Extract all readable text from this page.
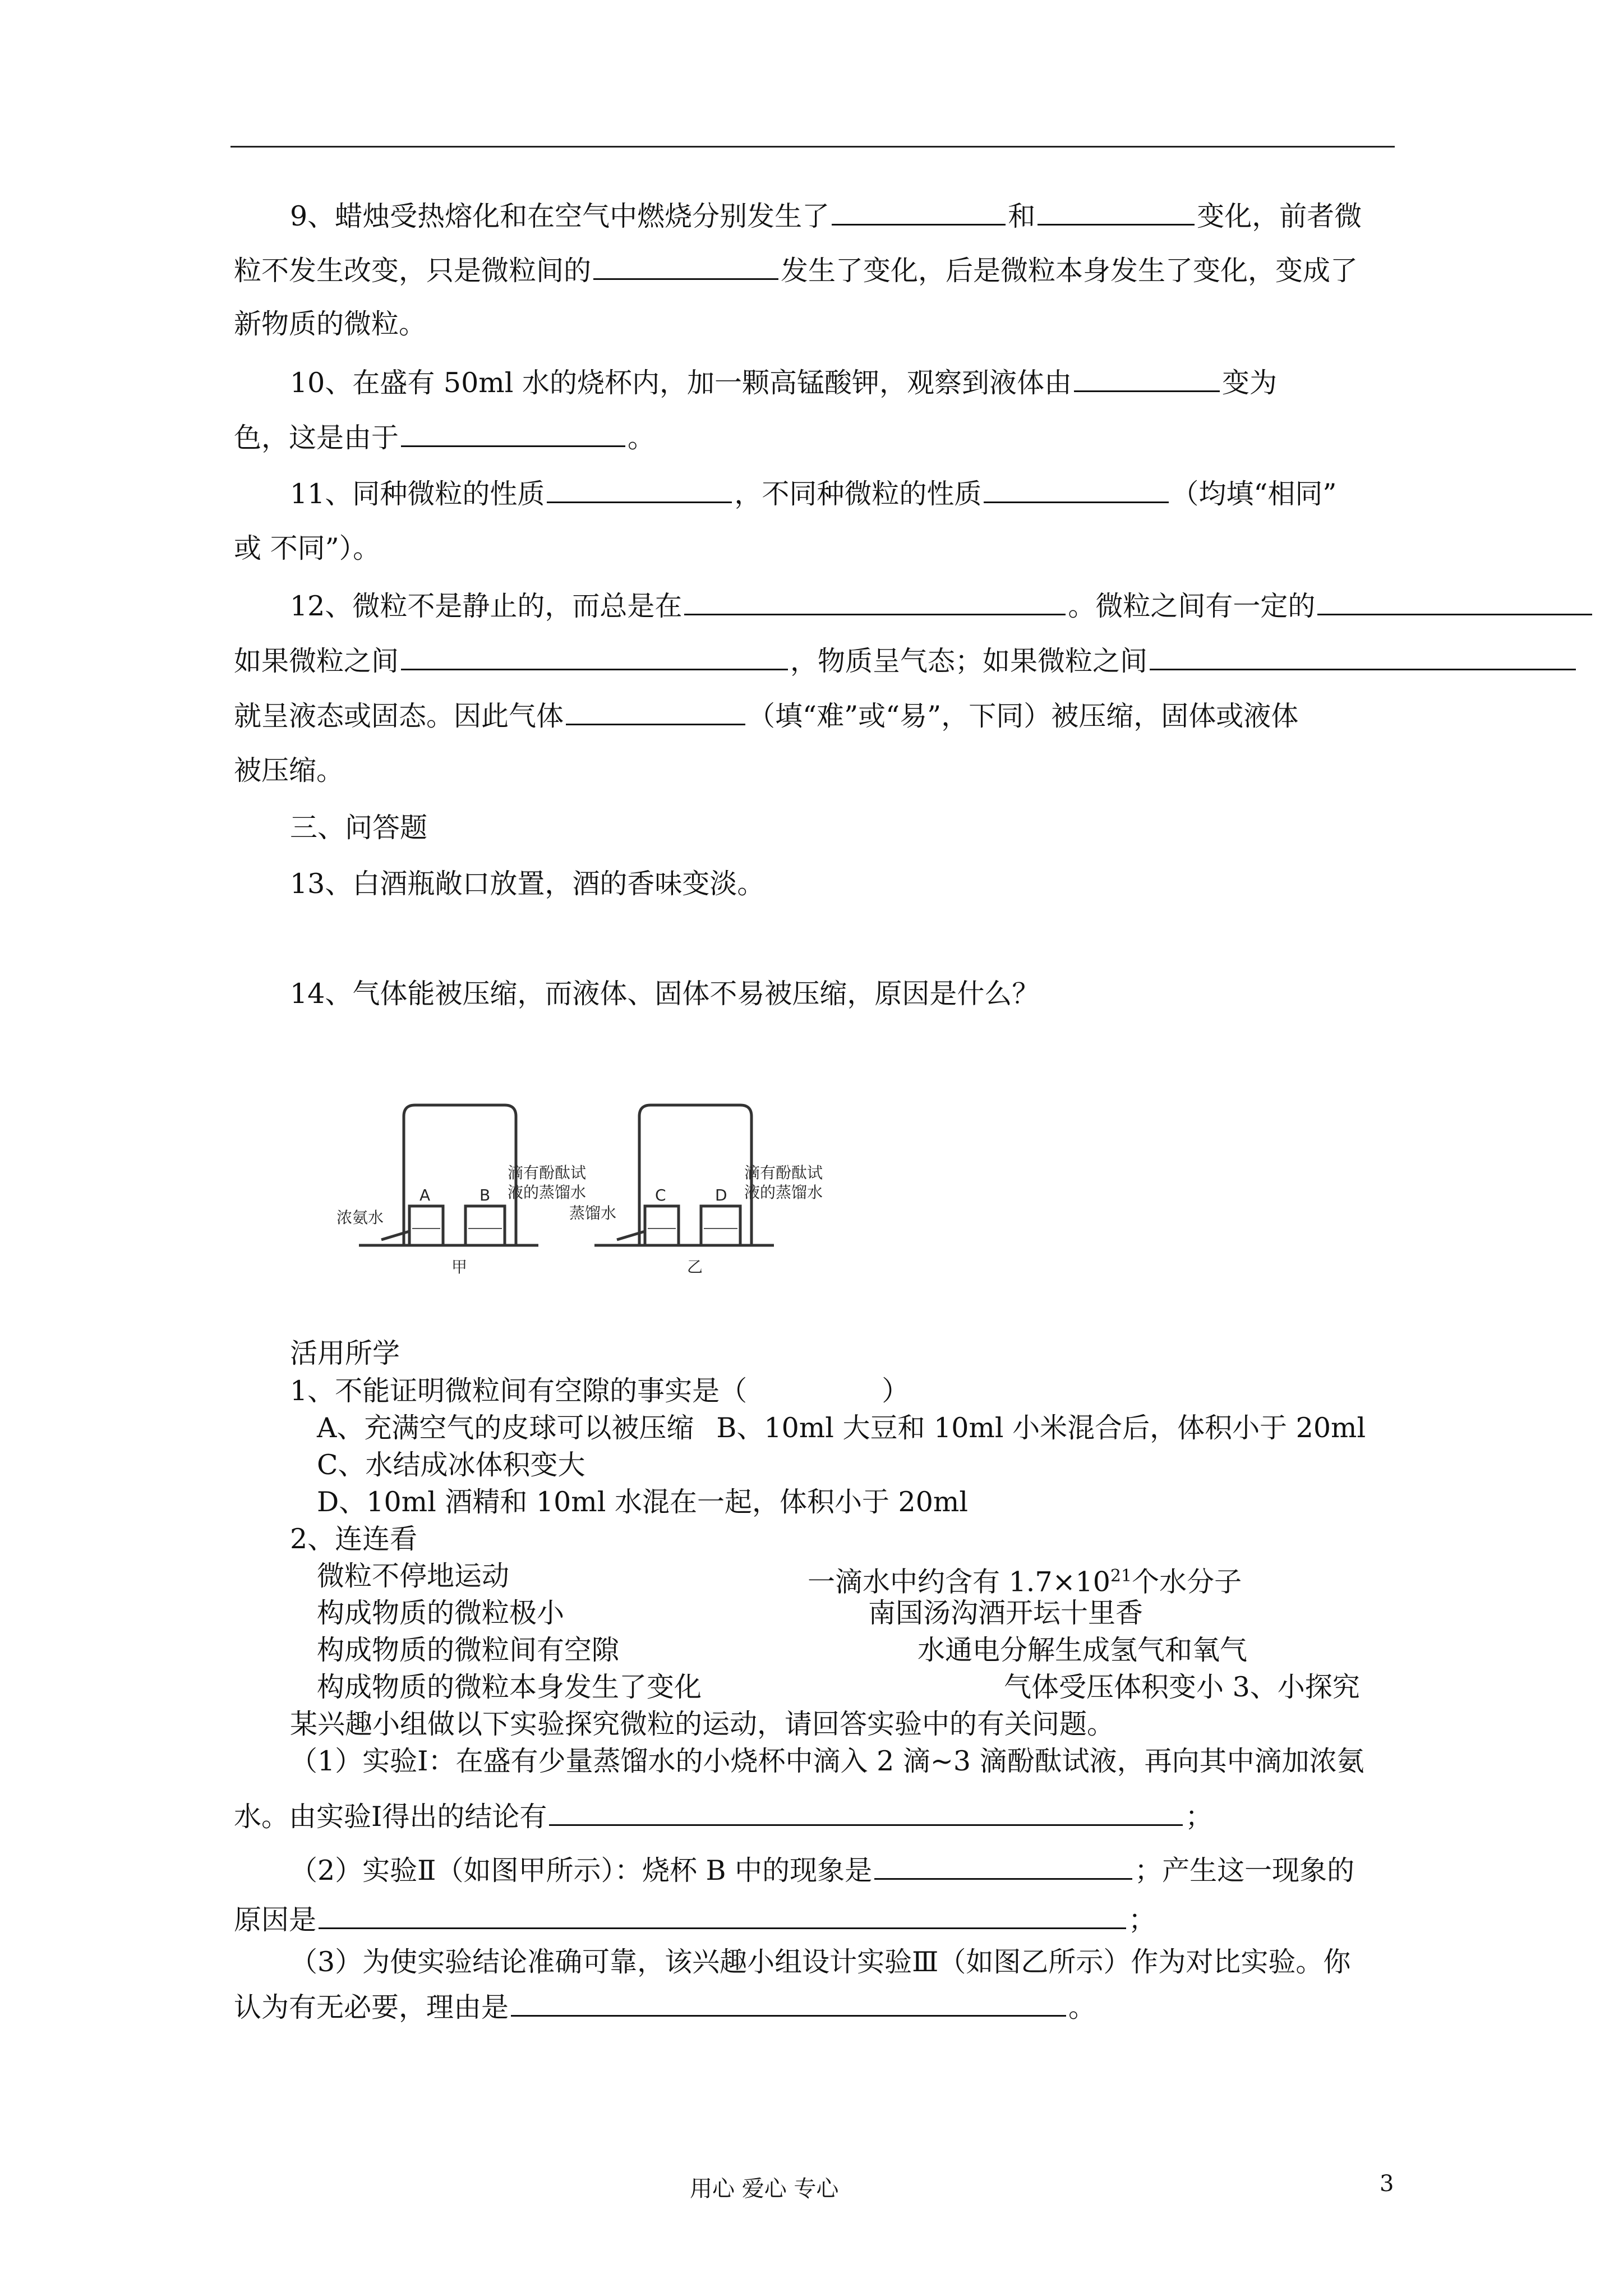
9、蜡烛受热熔化和在空气中燃烧分别发生了	和	变化，前者微
粒不发生改变，只是微粒间的	发生了变化，后是微粒本身发生了变化，变成了
新物质的微粒。
10、在盛有 50ml 水的烧杯内，加一颗高锰酸钾，观察到液体由	变为
色，这是由于	。
11、同种微粒的性质	，不同种微粒的性质	（均填“相同”
或 不同”）。
12、微粒不是静止的，而总是在	。微粒之间有一定的
如果微粒之间	，物质呈气态；如果微粒之间
就呈液态或固态。因此气体	（填“难”或“易”，下同）被压缩，固体或液体
被压缩。
三、问答题
13、白酒瓶敞口放置，酒的香味变淡。
14、气体能被压缩，而液体、固体不易被压缩，原因是什么？
A	B
浓氨水
滴有酚酞试
液的蒸馏水
甲
C	D
蒸馏水
滴有酚酞试
液的蒸馏水
乙
活用所学
1、不能证明微粒间有空隙的事实是（	）
A、充满空气的皮球可以被压缩 B、10ml 大豆和 10ml 小米混合后，体积小于 20ml
C、水结成冰体积变大
D、10ml 酒精和 10ml 水混在一起，体积小于 20ml
2、连连看
微粒不停地运动	一滴水中约含有 $1.7\times 10^{21}$个水分子
构成物质的微粒极小	南国汤沟酒开坛十里香
构成物质的微粒间有空隙	水通电分解生成氢气和氧气
构成物质的微粒本身发生了变化	气体受压体积变小 3、小探究
某兴趣小组做以下实验探究微粒的运动，请回答实验中的有关问题。
（1）实验Ⅰ：在盛有少量蒸馏水的小烧杯中滴入 2 滴~3 滴酚酞试液，再向其中滴加浓氨
水。由实验Ⅰ得出的结论有	；
（2）实验Ⅱ（如图甲所示）：烧杯 B 中的现象是	；产生这一现象的
原因是	；
（3）为使实验结论准确可靠，该兴趣小组设计实验Ⅲ（如图乙所示）作为对比实验。你
认为有无必要，理由是	。
用心 爱心 专心	3
